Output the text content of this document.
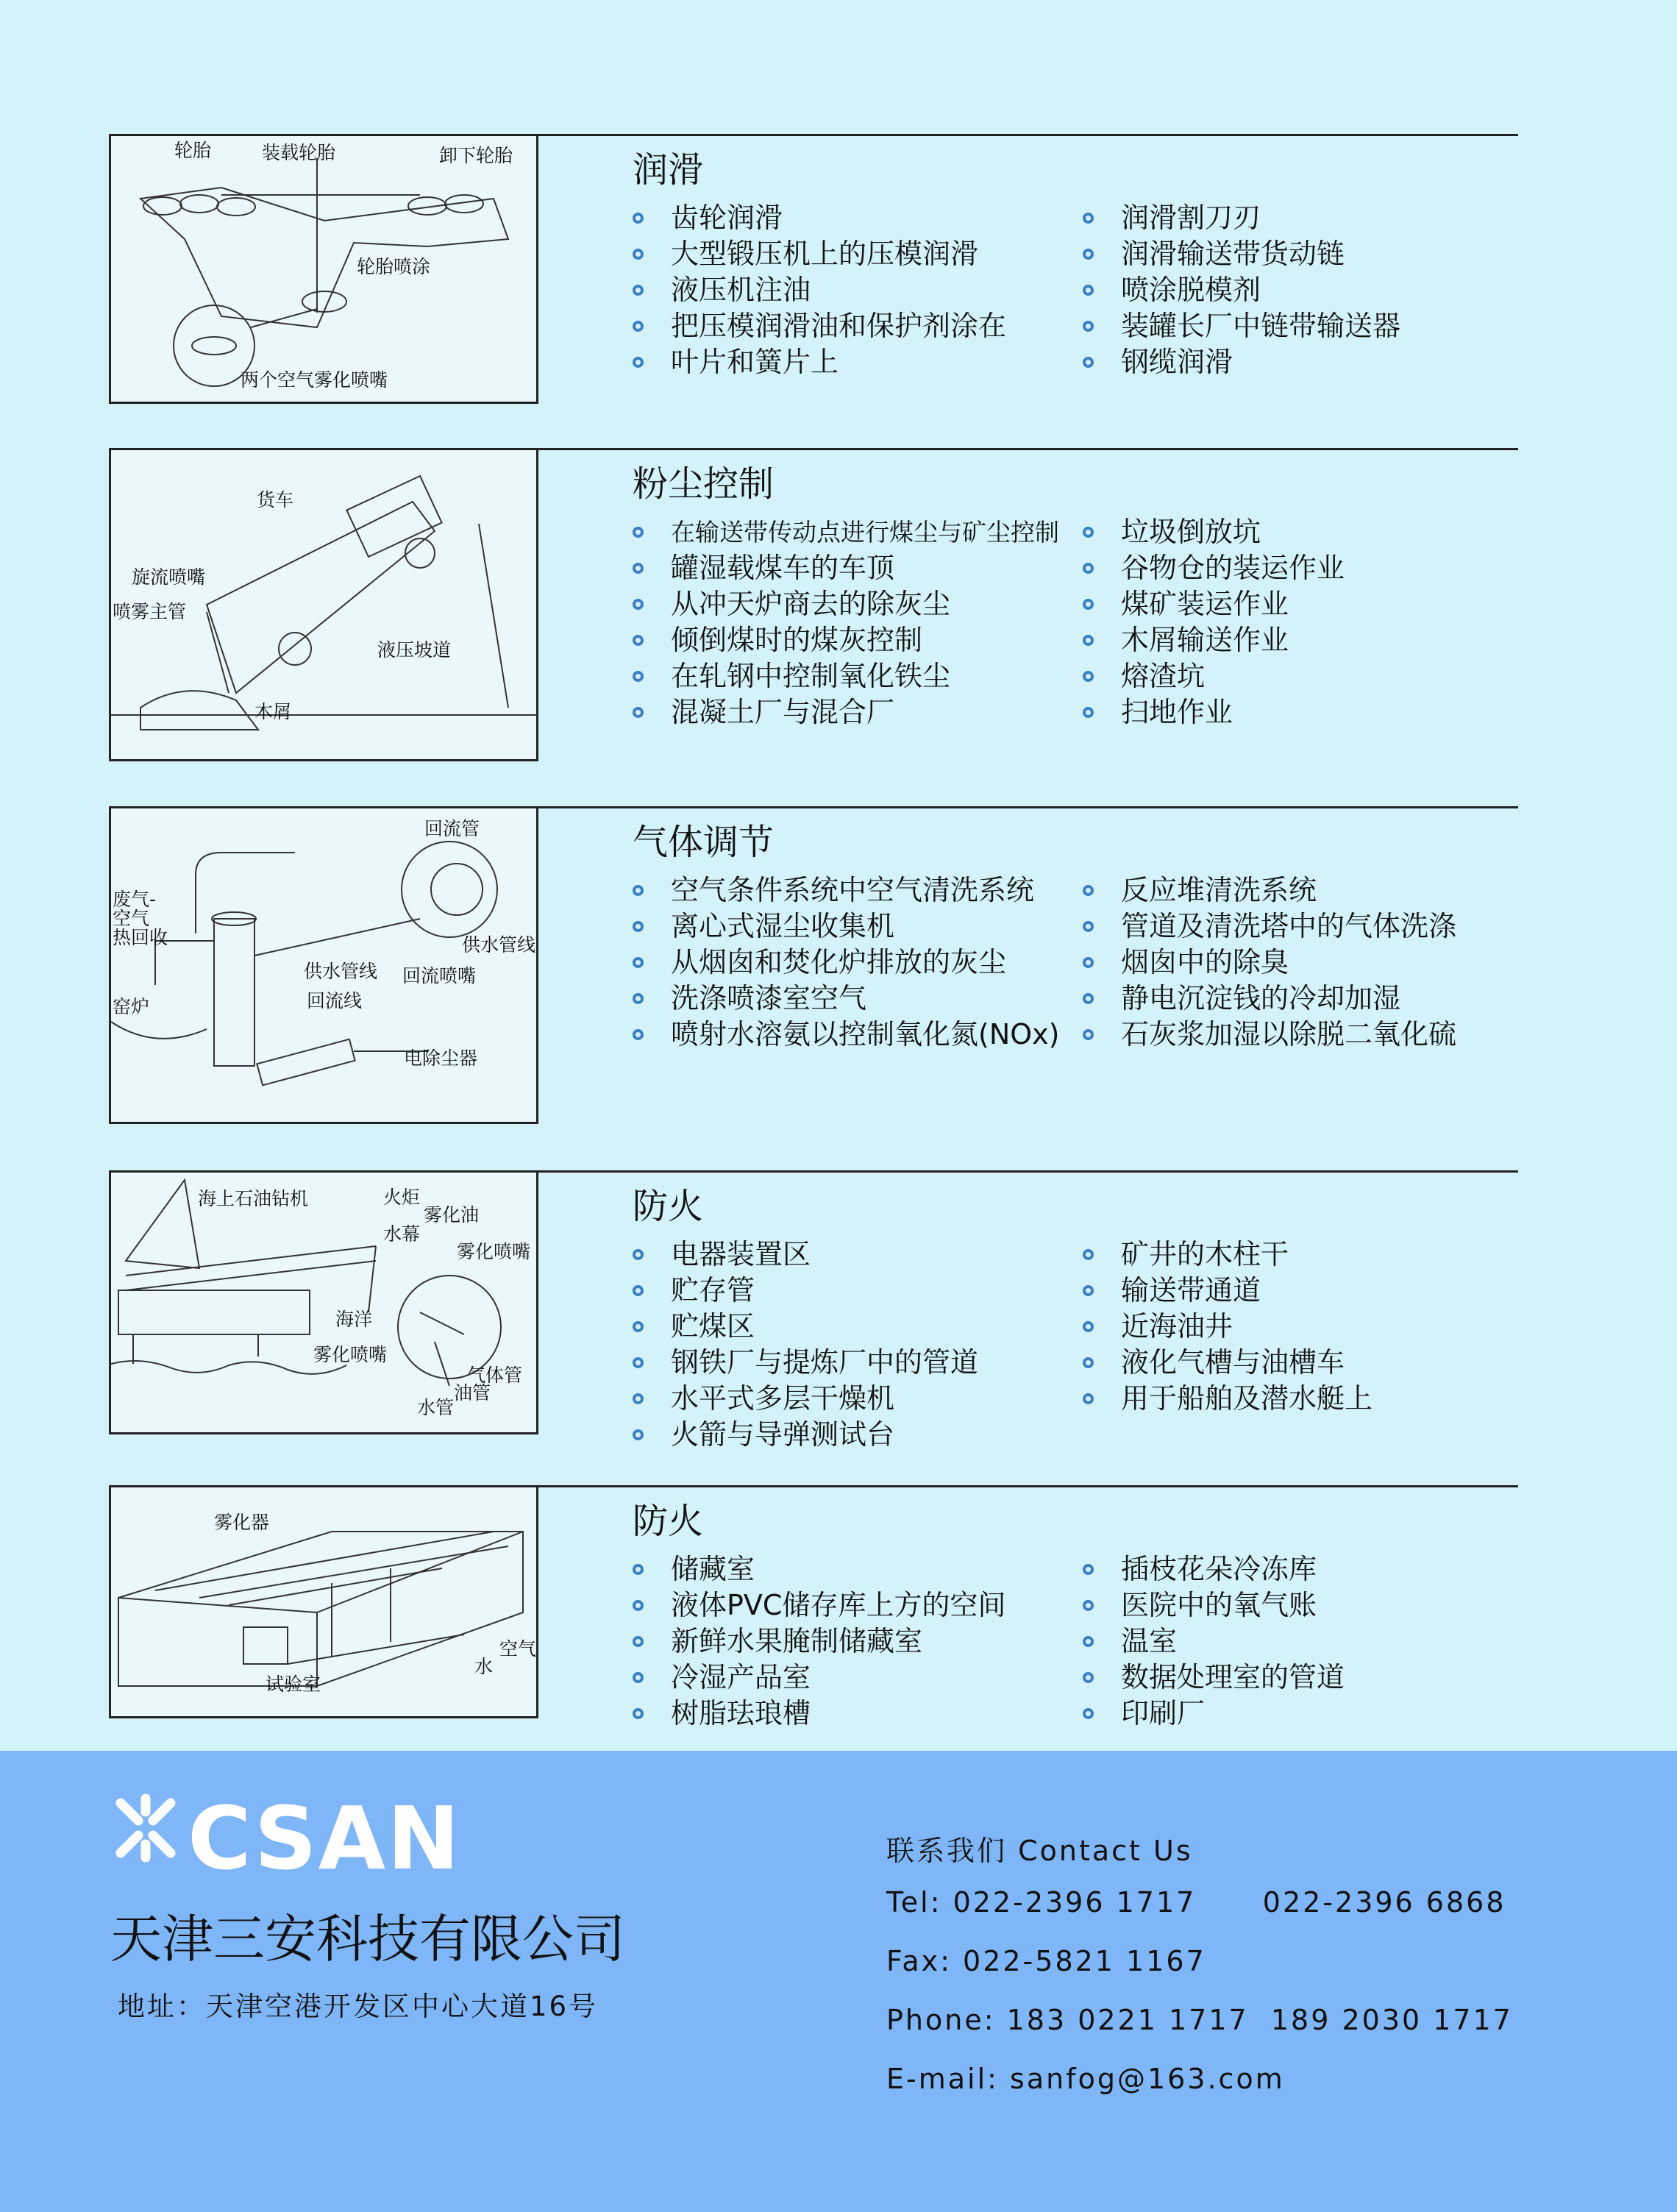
轮胎	装载轮胎	卸下轮胎
轮胎喷涂
两个空气雾化喷嘴
润滑
齿轮润滑
大型锻压机上的压模润滑
液压机注油
把压模润滑油和保护剂涂在
叶片和簧片上
润滑割刀刃
润滑输送带货动链
喷涂脱模剂
装罐长厂中链带输送器
钢缆润滑
货车
旋流喷嘴
喷雾主管
液压坡道
木屑
粉尘控制
在输送带传动点进行煤尘与矿尘控制
罐湿载煤车的车顶
从冲天炉商去的除灰尘
倾倒煤时的煤灰控制
在轧钢中控制氧化铁尘
混凝土厂与混合厂
垃圾倒放坑
谷物仓的装运作业
煤矿装运作业
木屑输送作业
熔渣坑
扫地作业
回流管
废气-
空气
热回收	供水管线
供水管线 回流喷嘴
回流线
窑炉
电除尘器
气体调节
空气条件系统中空气清洗系统
离心式湿尘收集机
从烟囱和焚化炉排放的灰尘
洗涤喷漆室空气
喷射水溶氨以控制氧化氮(NOx)
反应堆清洗系统
管道及清洗塔中的气体洗涤
烟囱中的除臭
静电沉淀钱的冷却加湿
石灰浆加湿以除脱二氧化硫
海上石油钻机	火炬
雾化油
水幕
雾化喷嘴
海洋
雾化喷嘴
气体管
油管
水管
防火
电器装置区
贮存管
贮煤区
钢铁厂与提炼厂中的管道
水平式多层干燥机
火箭与导弹测试台
矿井的木柱干
输送带通道
近海油井
液化气槽与油槽车
用于船舶及潜水艇上
雾化器
空气
水
试验室
防火
储藏室
液体PVC储存库上方的空间
新鲜水果腌制储藏室
冷湿产品室
树脂珐琅槽
插枝花朵冷冻库
医院中的氧气账
温室
数据处理室的管道
印刷厂
CSAN
天津三安科技有限公司
地址：天津空港开发区中心大道16号
联系我们 Contact Us
Tel: 022-2396 1717      022-2396 6868
Fax: 022-5821 1167
Phone: 183 0221 1717  189 2030 1717
E-mail: sanfog@163.com
